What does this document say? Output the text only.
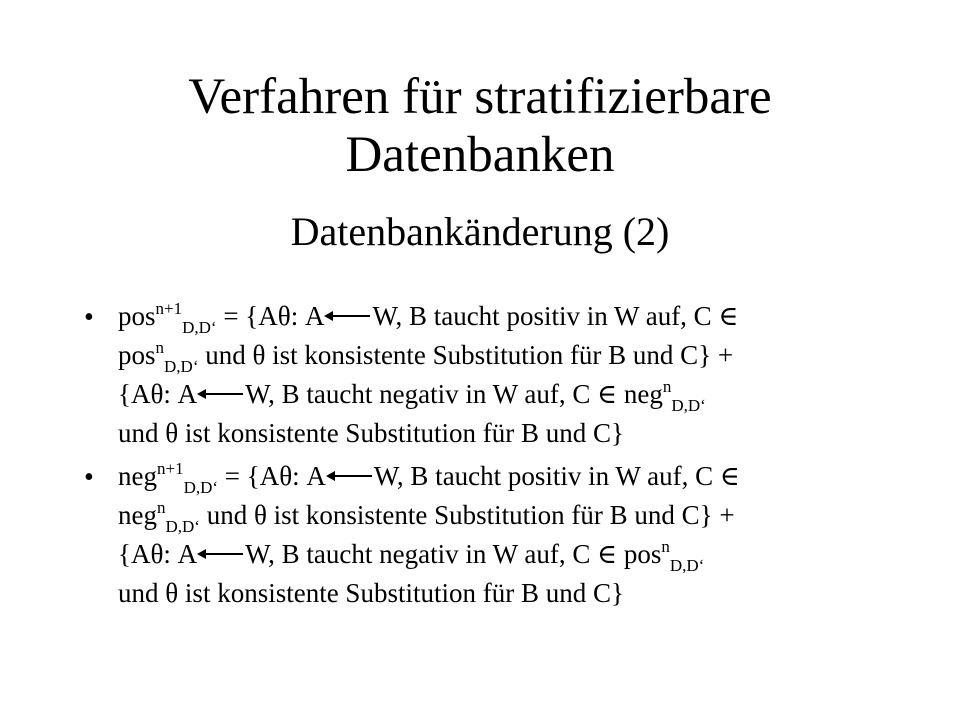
Verfahren für stratifizierbare
Datenbanken
Datenbankänderung (2)
• pos$^{n+1}_{D,D‘}$ = {Aθ: A W, B taucht positiv in W auf, C ∈
pos$^n_{D,D‘}$ und θ ist konsistente Substitution für B und C} +
{Aθ: A W, B taucht negativ in W auf, C ∈ neg$^n_{D,D‘}$
und θ ist konsistente Substitution für B und C}
• neg$^{n+1}_{D,D‘}$ = {Aθ: A W, B taucht positiv in W auf, C ∈
neg$^n_{D,D‘}$ und θ ist konsistente Substitution für B und C} +
{Aθ: A W, B taucht negativ in W auf, C ∈ pos$^n_{D,D‘}$
und θ ist konsistente Substitution für B und C}
